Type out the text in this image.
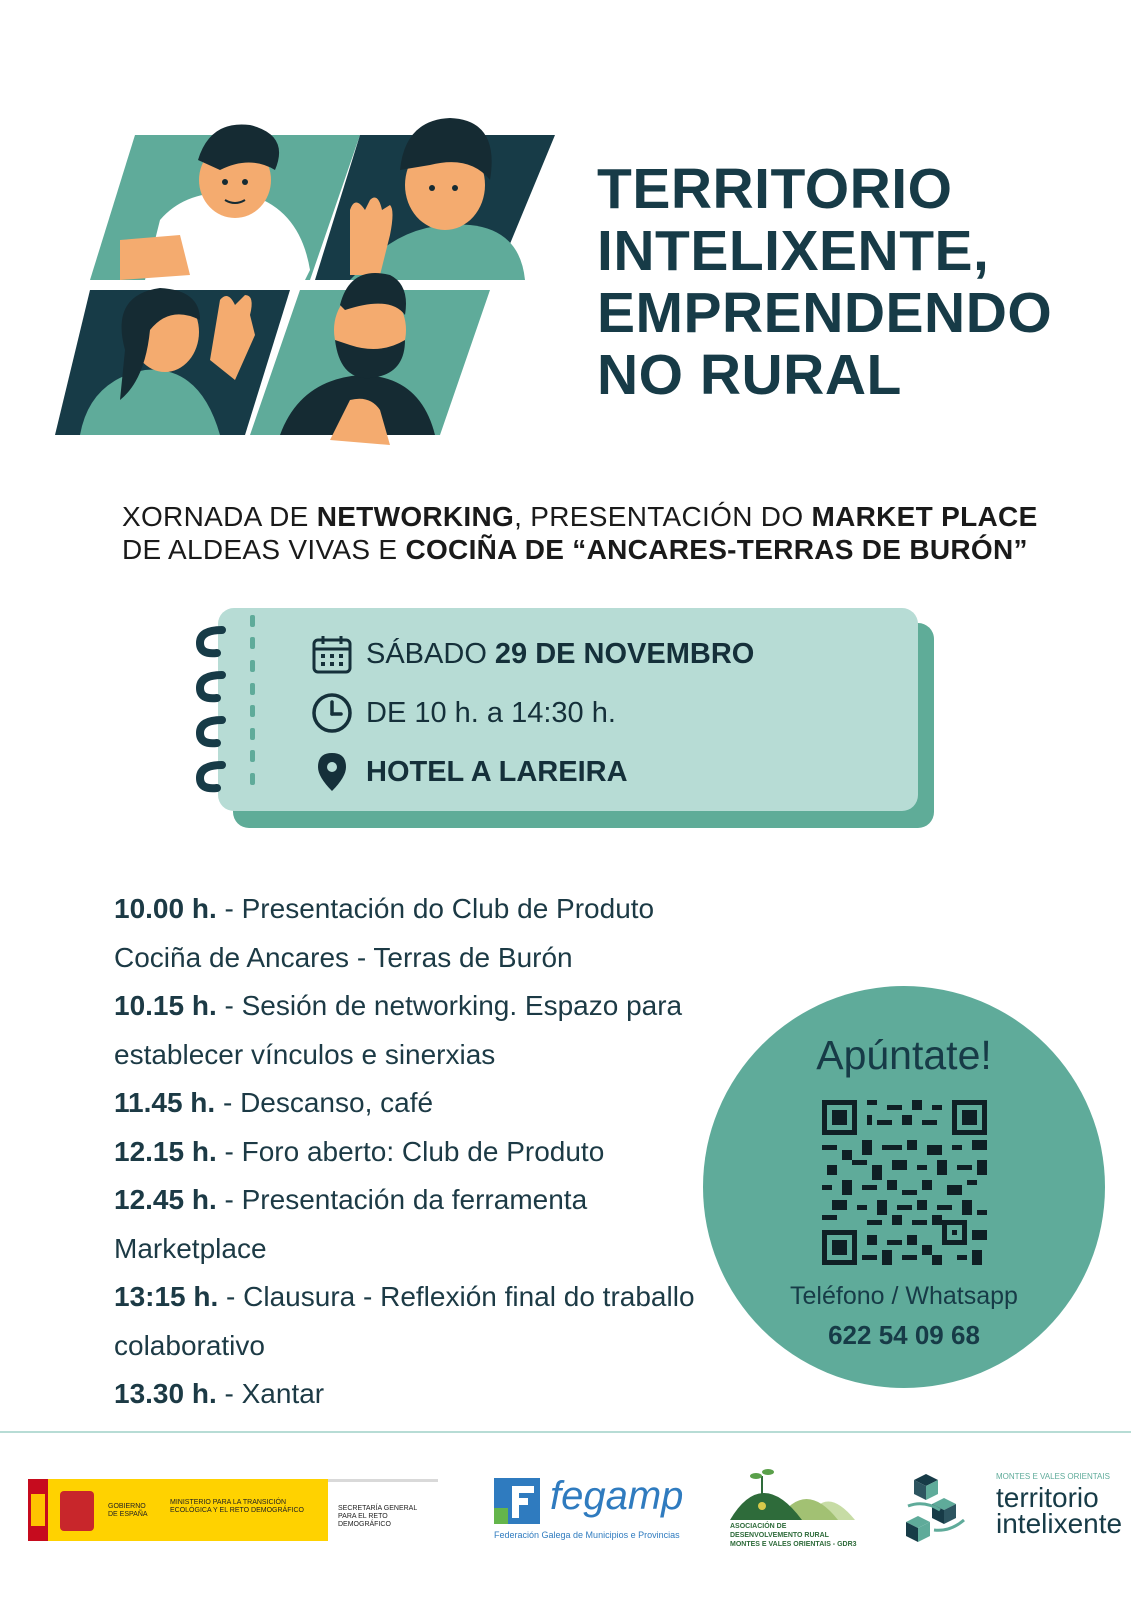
TERRITORIO
INTELIXENTE,
EMPRENDENDO
NO RURAL
XORNADA DE NETWORKING, PRESENTACIÓN DO MARKET PLACE
DE ALDEAS VIVAS E COCIÑA DE “ANCARES-TERRAS DE BURÓN”
SÁBADO 29 DE NOVEMBRO
DE 10 h. a 14:30 h.
HOTEL A LAREIRA
10.00 h. - Presentación do Club de Produto Cociña de Ancares - Terras de Burón
10.15 h. - Sesión de networking. Espazo para establecer vínculos e sinerxias
11.45 h. - Descanso, café
12.15 h. - Foro aberto: Club de Produto
12.45 h. - Presentación da ferramenta Marketplace
13:15 h. - Clausura - Reflexión final do traballo colaborativo
13.30 h. - Xantar
Apúntate!
Teléfono / Whatsapp
622 54 09 68
GOBIERNO DE ESPAÑA
MINISTERIO PARA LA TRANSICIÓN ECOLÓGICA Y EL RETO DEMOGRÁFICO	SECRETARÍA GENERAL PARA EL RETO DEMOGRÁFICO
fegamp
Federación Galega de Municipios e Provincias
ASOCIACIÓN DE DESENVOLVEMENTO RURAL MONTES E VALES ORIENTAIS - GDR3
MONTES E VALES ORIENTAIS
territorio
intelixente
